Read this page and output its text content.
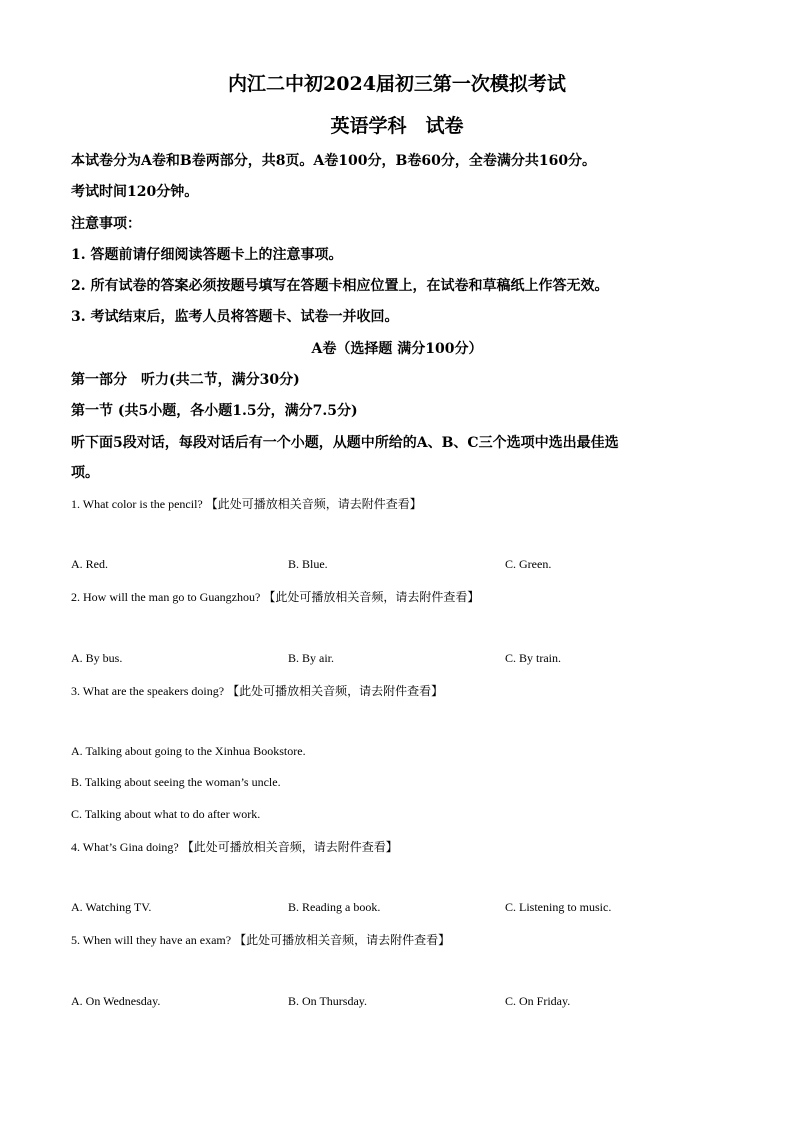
内江二中初2024届初三第一次模拟考试
英语学科　试卷
本试卷分为A卷和B卷两部分，共8页。A卷100分，B卷60分，全卷满分共160分。
考试时间120分钟。
注意事项：
1. 答题前请仔细阅读答题卡上的注意事项。
2. 所有试卷的答案必须按题号填写在答题卡相应位置上，在试卷和草稿纸上作答无效。
3. 考试结束后，监考人员将答题卡、试卷一并收回。
A卷（选择题 满分100分）
第一部分　听力(共二节，满分30分)
第一节 (共5小题，各小题1.5分，满分7.5分)
听下面5段对话，每段对话后有一个小题，从题中所给的A、B、C三个选项中选出最佳选
项。
1. What color is the pencil? 【此处可播放相关音频，请去附件查看】
A. Red.	B. Blue.	C. Green.
2. How will the man go to Guangzhou? 【此处可播放相关音频，请去附件查看】
A. By bus.	B. By air.	C. By train.
3. What are the speakers doing? 【此处可播放相关音频，请去附件查看】
A. Talking about going to the Xinhua Bookstore.
B. Talking about seeing the woman’s uncle.
C. Talking about what to do after work.
4. What’s Gina doing? 【此处可播放相关音频，请去附件查看】
A. Watching TV.	B. Reading a book.	C. Listening to music.
5. When will they have an exam? 【此处可播放相关音频，请去附件查看】
A. On Wednesday.	B. On Thursday.	C. On Friday.
